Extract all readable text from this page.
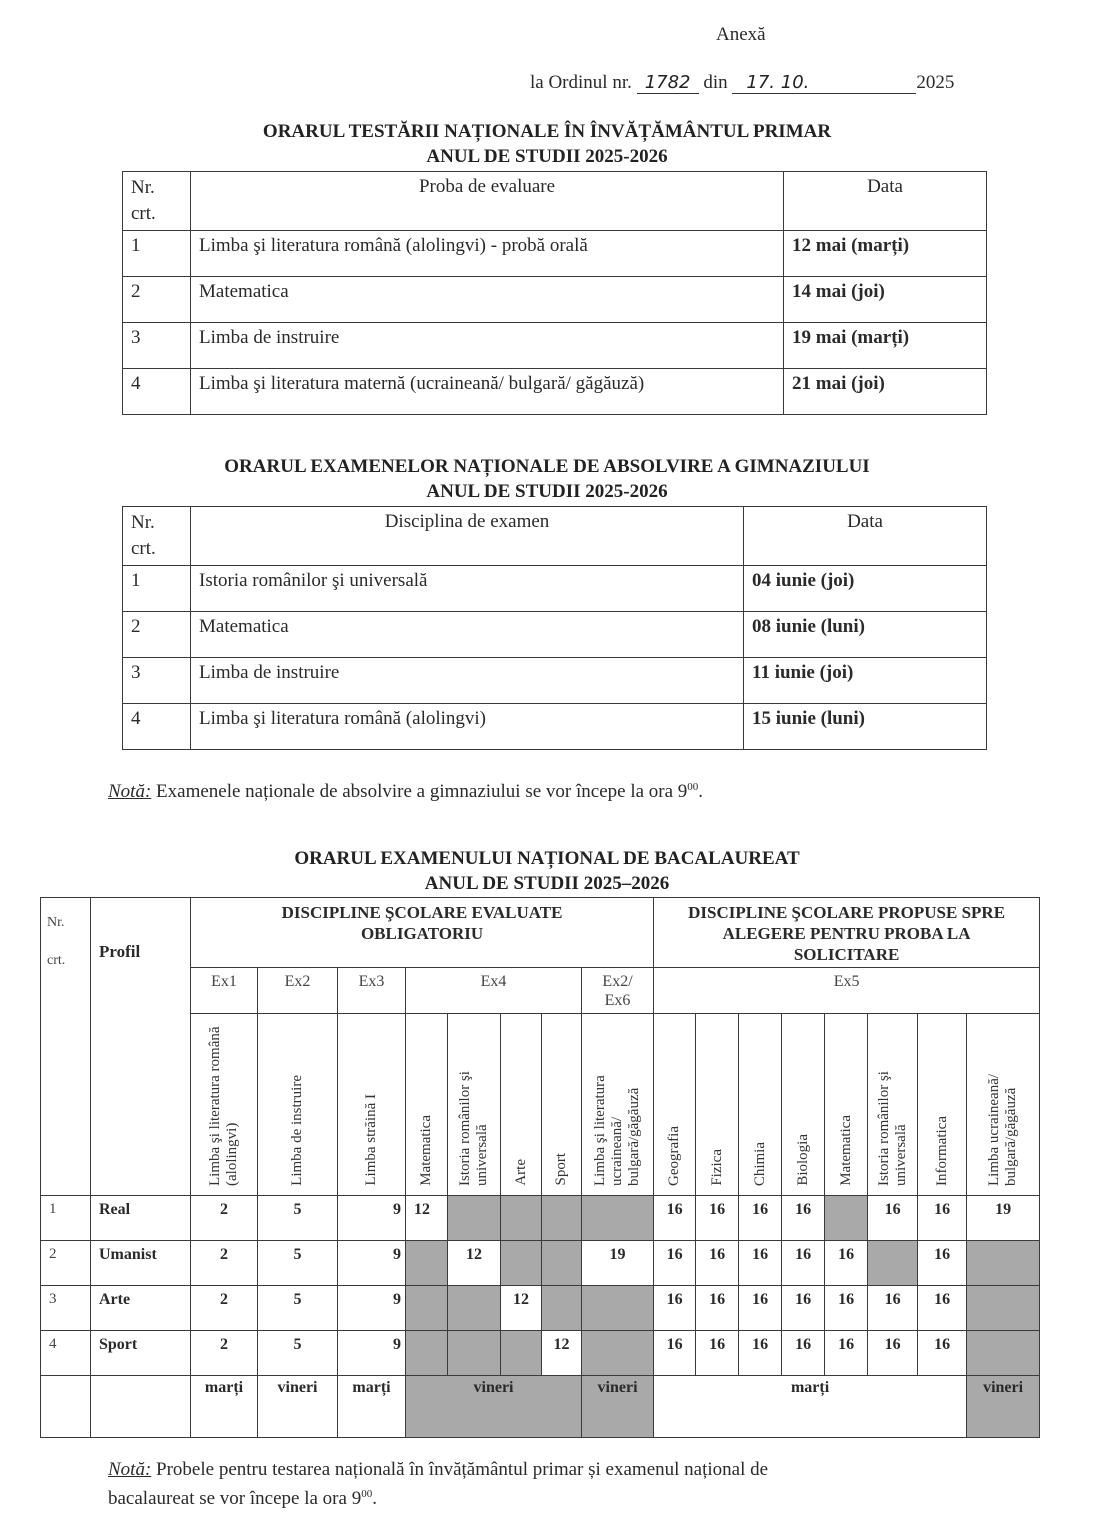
Anexă
la Ordinul nr. 1782 din 17. 10.	2025
ORARUL TESTĂRII NAȚIONALE ÎN ÎNVĂȚĂMÂNTUL PRIMAR
ANUL DE STUDII 2025-2026
Nr. crt.	Proba de evaluare	Data
1	Limba şi literatura română (alolingvi) - probă orală	12 mai (marți)
2	Matematica	14 mai (joi)
3	Limba de instruire	19 mai (marți)
4	Limba şi literatura maternă (ucraineană/ bulgară/ găgăuză)	21 mai (joi)
ORARUL EXAMENELOR NAȚIONALE DE ABSOLVIRE A GIMNAZIULUI
ANUL DE STUDII 2025-2026
Nr. crt.	Disciplina de examen	Data
1	Istoria românilor şi universală	04 iunie (joi)
2	Matematica	08 iunie (luni)
3	Limba de instruire	11 iunie (joi)
4	Limba şi literatura română (alolingvi)	15 iunie (luni)
Notă: Examenele naționale de absolvire a gimnaziului se vor începe la ora $9^{00}$.
ORARUL EXAMENULUI NAȚIONAL DE BACALAUREAT
ANUL DE STUDII 2025–2026
Nr.
crt.	Profil	DISCIPLINE ŞCOLARE EVALUATE OBLIGATORIU								DISCIPLINE ŞCOLARE PROPUSE SPRE ALEGERE PENTRU PROBA LA SOLICITARE							
		Ex1	Ex2	Ex3	Ex4				Ex2/ Ex6	Ex5							
		Limba şi literatura română (alolingvi)	Limba de instruire	Limba străină I	Matematica	Istoria românilor şi universală	Arte	Sport	Limba şi literatura ucraineană/ bulgară/găgăuză	Geografia	Fizica	Chimia	Biologia	Matematica	Istoria românilor şi universală	Informatica	Limba ucraineană/ bulgară/găgăuză
1	Real	2	5	9	12					16	16	16	16		16	16	19
2	Umanist	2	5	9		12			19	16	16	16	16	16		16	
3	Arte	2	5	9			12			16	16	16	16	16	16	16	
4	Sport	2	5	9				12		16	16	16	16	16	16	16	
		marți	vineri	marți	vineri				vineri	marți							vineri
Notă: Probele pentru testarea națională în învățământul primar și examenul național de
bacalaureat se vor începe la ora $9^{00}$.
